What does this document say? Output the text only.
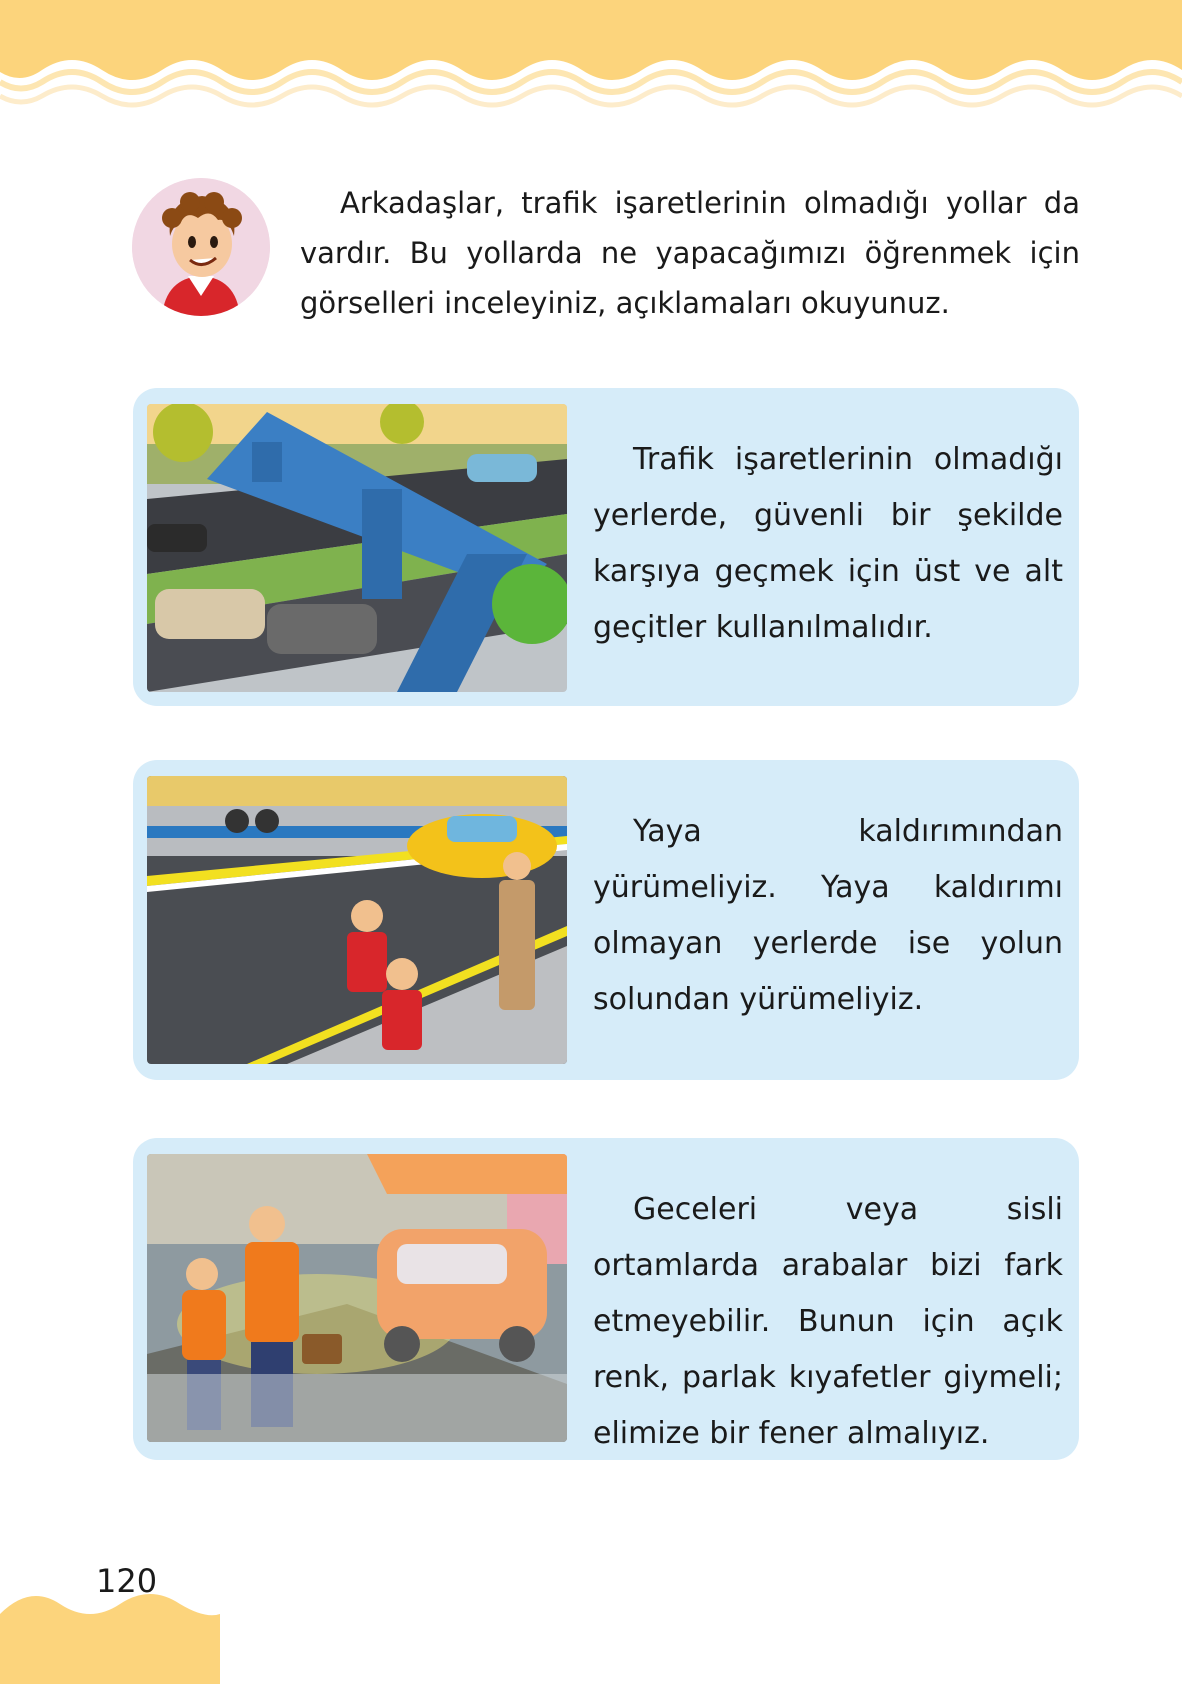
Arkadaşlar, trafik işaretlerinin olmadığı yollar da vardır. Bu yollarda ne yapacağımızı öğrenmek için görselleri inceleyiniz, açıklamaları okuyunuz.

Trafik işaretlerinin olmadığı yerlerde, güvenli bir şekilde karşıya geçmek için üst ve alt geçitler kullanılmalıdır.

Yaya kaldırımından yürümeliyiz. Yaya kaldırımı olmayan yerlerde ise yolun solundan yürümeliyiz.

Geceleri veya sisli ortamlarda arabalar bizi fark etmeyebilir. Bunun için açık renk, parlak kıyafetler giymeli; elimize bir fener almalıyız.

120
